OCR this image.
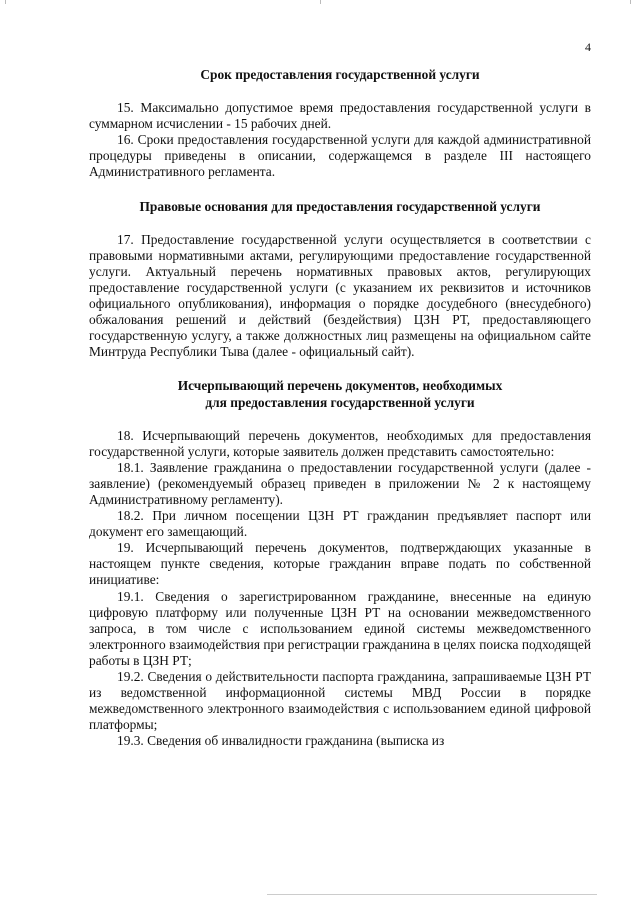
4

Срок предоставления государственной услуги

15. Максимально допустимое время предоставления государственной услуги в суммарном исчислении - 15 рабочих дней.

16. Сроки предоставления государственной услуги для каждой административной процедуры приведены в описании, содержащемся в разделе III настоящего Административного регламента.

Правовые основания для предоставления государственной услуги

17. Предоставление государственной услуги осуществляется в соответствии с правовыми нормативными актами, регулирующими предоставление государственной услуги. Актуальный перечень нормативных правовых актов, регулирующих предоставление государственной услуги (с указанием их реквизитов и источников официального опубликования), информация о порядке досудебного (внесудебного) обжалования решений и действий (бездействия) ЦЗН РТ, предоставляющего государственную услугу, а также должностных лиц размещены на официальном сайте Минтруда Республики Тыва (далее - официальный сайт).

Исчерпывающий перечень документов, необходимых

для предоставления государственной услуги

18. Исчерпывающий перечень документов, необходимых для предоставления государственной услуги, которые заявитель должен представить самостоятельно:

18.1. Заявление гражданина о предоставлении государственной услуги (далее - заявление) (рекомендуемый образец приведен в приложении № 2 к настоящему Административному регламенту).

18.2. При личном посещении ЦЗН РТ гражданин предъявляет паспорт или документ его замещающий.

19. Исчерпывающий перечень документов, подтверждающих указанные в настоящем пункте сведения, которые гражданин вправе подать по собственной инициативе:

19.1. Сведения о зарегистрированном гражданине, внесенные на единую цифровую платформу или полученные ЦЗН РТ на основании межведомственного запроса, в том числе с использованием единой системы межведомственного электронного взаимодействия при регистрации гражданина в целях поиска подходящей работы в ЦЗН РТ;

19.2. Сведения о действительности паспорта гражданина, запрашиваемые ЦЗН РТ из ведомственной информационной системы МВД России в порядке межведомственного электронного взаимодействия с использованием единой цифровой платформы;

19.3. Сведения об инвалидности гражданина (выписка из
